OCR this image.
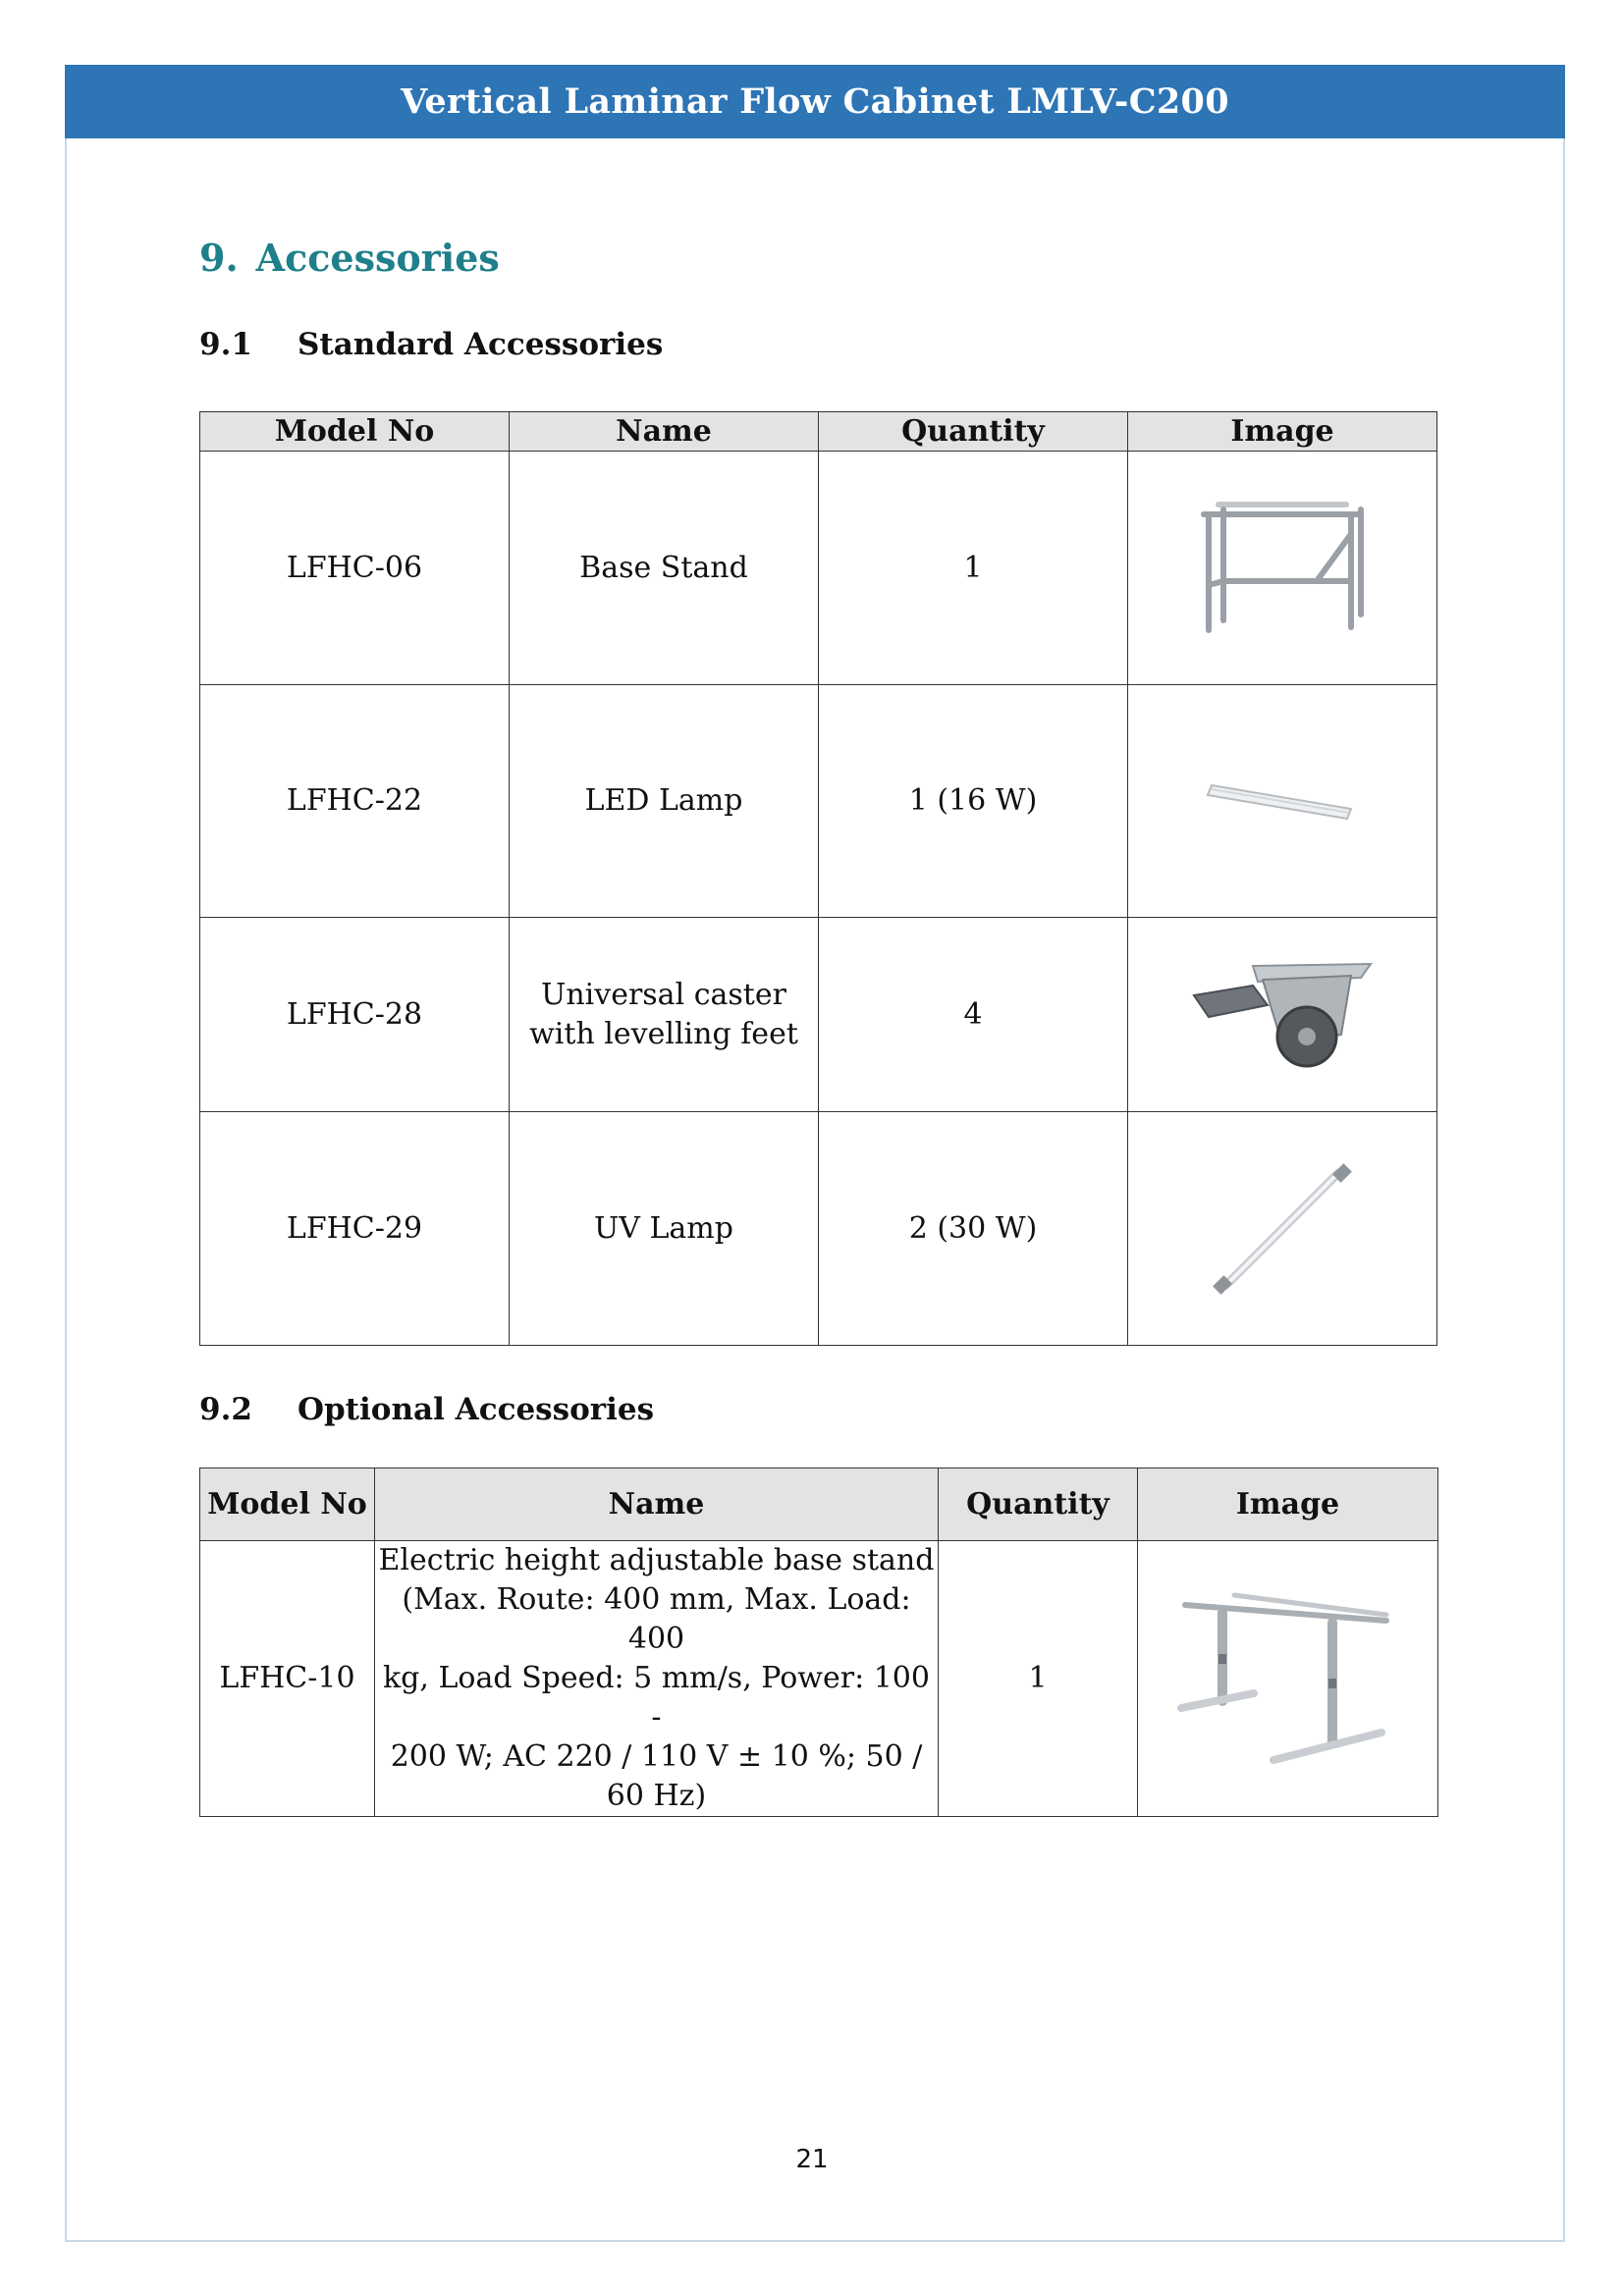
Vertical Laminar Flow Cabinet LMLV-C200
9. Accessories
9.1 Standard Accessories
Model No	Name	Quantity	Image
LFHC-06	Base Stand	1	

LFHC-22	LED Lamp	1 (16 W)	

LFHC-28	Universal caster
with levelling feet	4	

LFHC-29	UV Lamp	2 (30 W)	
9.2 Optional Accessories
Model No	Name	Quantity	Image
LFHC-10	Electric height adjustable base stand
(Max. Route: 400 mm, Max. Load: 400
kg, Load Speed: 5 mm/s, Power: 100 -
200 W; AC 220 / 110 V ± 10 %; 50 /
60 Hz)	1	
21
